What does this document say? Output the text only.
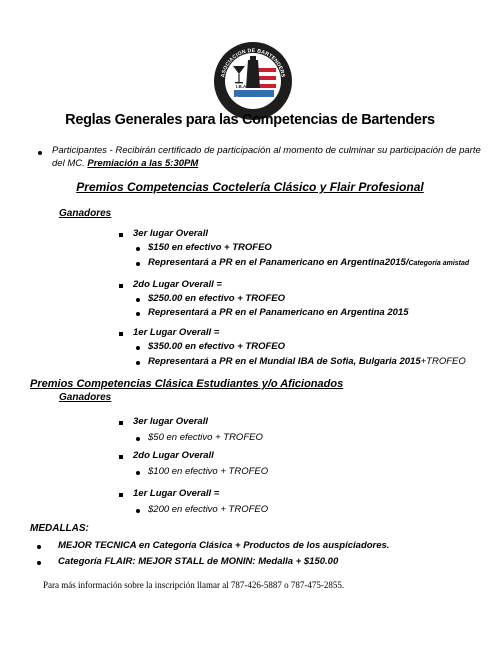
I.B.A.
ASOCIACION DE BARTENDERS
PUERTO RICO
Reglas Generales para las Competencias de Bartenders
Participantes - Recibirán certificado de participación al momento de culminar su participación de parte
del MC. Premiación a las 5:30PM
Premios Competencias Coctelería Clásico y Flair Profesional
Ganadores
3er lugar Overall
$150 en efectivo + TROFEO
Representará a PR en el Panamericano en Argentina2015/Categoría amistad
2do Lugar Overall =
$250.00 en efectivo + TROFEO
Representará a PR en el Panamericano en Argentina 2015
1er Lugar Overall =
$350.00 en efectivo + TROFEO
Representará a PR en el Mundial IBA de Sofia, Bulgaria 2015+TROFEO
Premios Competencias Clásica Estudiantes y/o Aficionados
Ganadores
3er lugar Overall
$50 en efectivo + TROFEO
2do Lugar Overall
$100 en efectivo + TROFEO
1er Lugar Overall =
$200 en efectivo + TROFEO
MEDALLAS:
MEJOR TECNICA en Categoría Clásica + Productos de los auspiciadores.
Categoría FLAIR: MEJOR STALL de MONIN: Medalla + $150.00
Para más información sobre la inscripción llamar al 787-426-5887 o 787-475-2855.
